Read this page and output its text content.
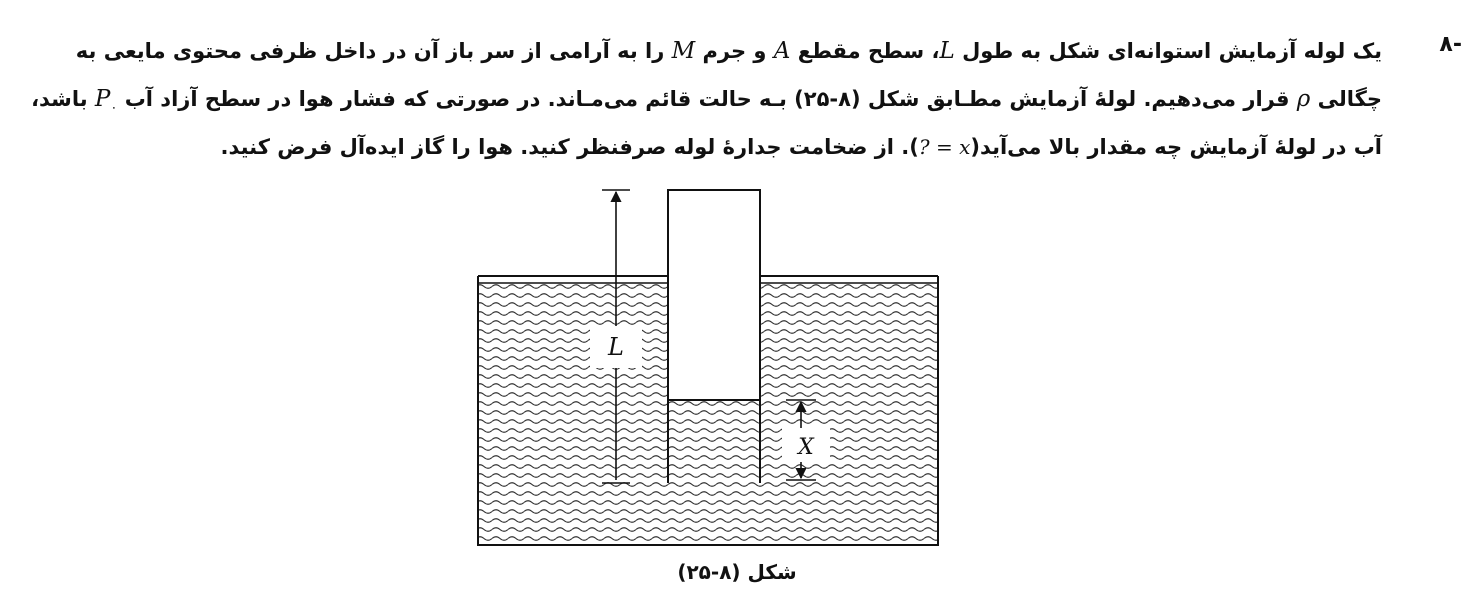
-۸
یک لوله آزمایش استوانه‌ای شکل به طول L، سطح مقطع A و جرم M را به آرامی از سر باز آن در داخل ظرفی محتوی مایعی به
چگالی ρ قرار می‌دهیم. لولهٔ آزمایش مطـابق شکل (۸-۲۵) بـه حالت قائم می‌مـاند. در صورتی که فشار هوا در سطح آزاد آب $P_۰$ باشد،
آب در لولهٔ آزمایش چه مقدار بالا می‌آید(x = ?). از ضخامت جدارهٔ لوله صرفنظر کنید. هوا را گاز ایده‌آل فرض کنید.
L
X
شکل (۸-۲۵)
